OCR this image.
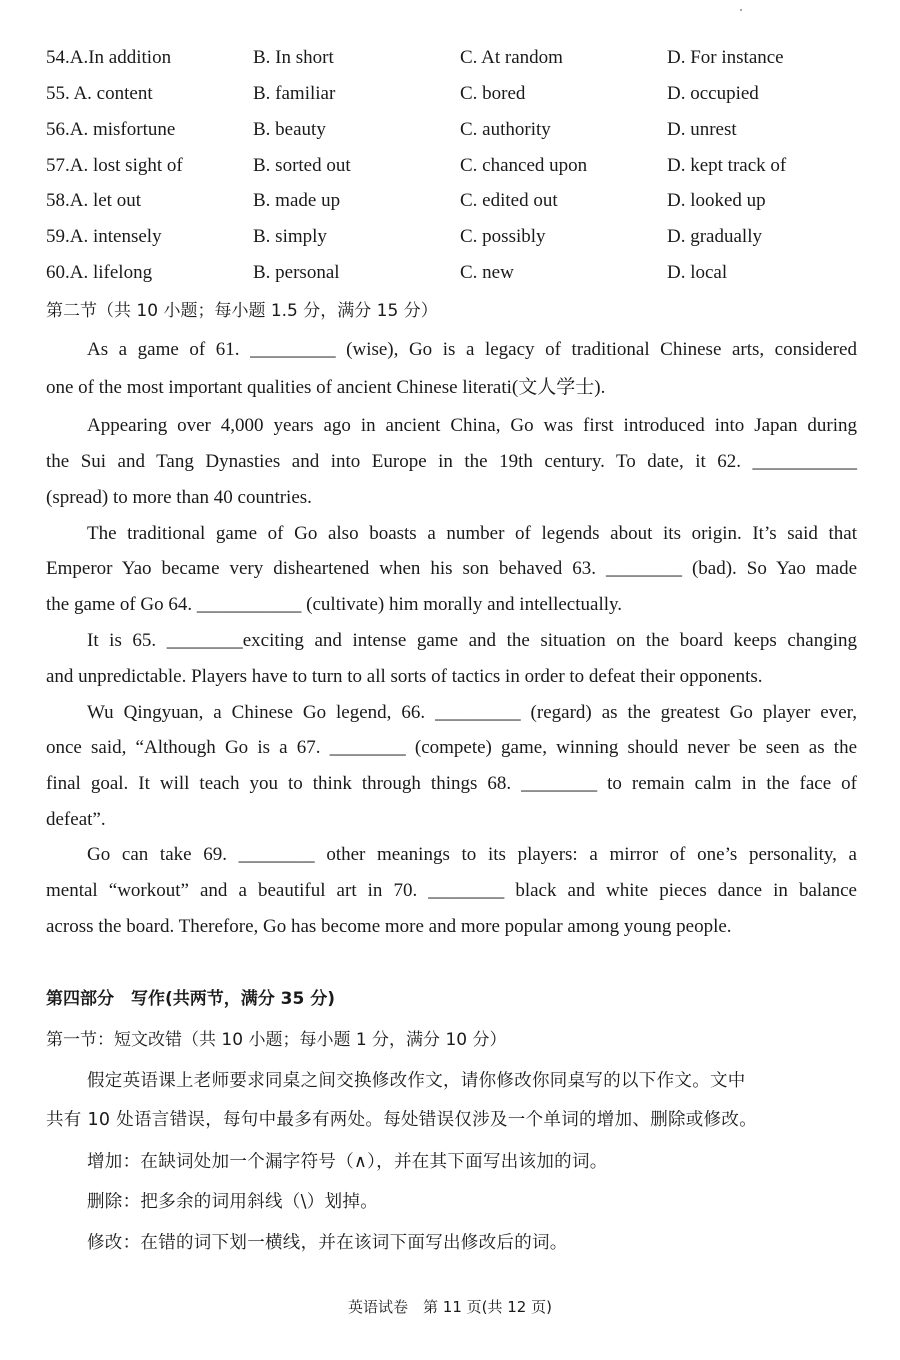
54.A.In addition	B. In short	C. At random	D. For instance
55. A. content	B. familiar	C. bored	D. occupied
56.A. misfortune	B. beauty	C. authority	D. unrest
57.A. lost sight of	B. sorted out	C. chanced upon	D. kept track of
58.A. let out	B. made up	C. edited out	D. looked up
59.A. intensely	B. simply	C. possibly	D. gradually
60.A. lifelong	B. personal	C. new	D. local
第二节（共 10 小题；每小题 1.5 分，满分 15 分）
As a game of 61. _________ (wise), Go is a legacy of traditional Chinese arts, considered
one of the most important qualities of ancient Chinese literati(文人学士).
Appearing over 4,000 years ago in ancient China, Go was first introduced into Japan during
the Sui and Tang Dynasties and into Europe in the 19th century. To date, it 62. ___________
(spread) to more than 40 countries.
The traditional game of Go also boasts a number of legends about its origin. It’s said that
Emperor Yao became very disheartened when his son behaved 63. ________ (bad). So Yao made
the game of Go 64. ___________ (cultivate) him morally and intellectually.
It is 65. ________exciting and intense game and the situation on the board keeps changing
and unpredictable. Players have to turn to all sorts of tactics in order to defeat their opponents.
Wu Qingyuan, a Chinese Go legend, 66. _________ (regard) as the greatest Go player ever,
once said, “Although Go is a 67. ________ (compete) game, winning should never be seen as the
final goal. It will teach you to think through things 68. ________ to remain calm in the face of
defeat”.
Go can take 69. ________ other meanings to its players: a mirror of one’s personality, a
mental “workout” and a beautiful art in 70. ________ black and white pieces dance in balance
across the board. Therefore, Go has become more and more popular among young people.
第四部分　写作(共两节，满分 35 分)
第一节：短文改错（共 10 小题；每小题 1 分，满分 10 分）
假定英语课上老师要求同桌之间交换修改作文，请你修改你同桌写的以下作文。文中
共有 10 处语言错误，每句中最多有两处。每处错误仅涉及一个单词的增加、删除或修改。
增加：在缺词处加一个漏字符号（∧），并在其下面写出该加的词。
删除：把多余的词用斜线（\）划掉。
修改：在错的词下划一横线，并在该词下面写出修改后的词。
英语试卷　第 11 页(共 12 页)
